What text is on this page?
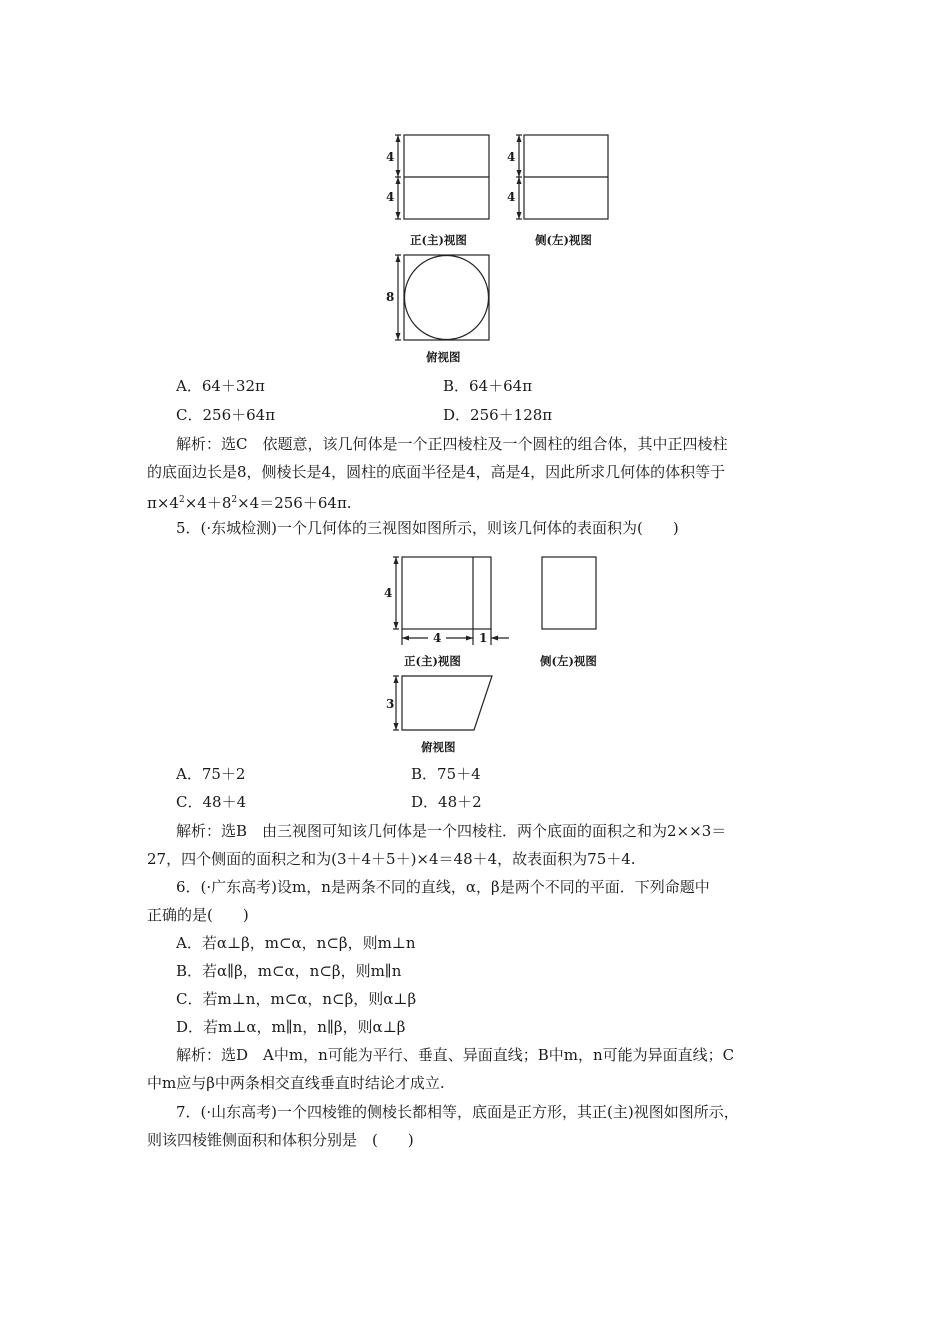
4
4
4
4
8
正(主)视图	侧(左)视图
俯视图
A．64＋32π	B．64＋64π
C．256＋64π	D．256＋128π
解析：选C　依题意，该几何体是一个正四棱柱及一个圆柱的组合体，其中正四棱柱
的底面边长是8，侧棱长是4，圆柱的底面半径是4，高是4，因此所求几何体的体积等于
$\pi\times 4^2\times 4+8^2\times 4=256+64\pi$.
5．(·东城检测)一个几何体的三视图如图所示，则该几何体的表面积为(　　)
4
4	1
3
正(主)视图	侧(左)视图
俯视图
A．75＋2	B．75＋4
C．48＋4	D．48＋2
解析：选B　由三视图可知该几何体是一个四棱柱．两个底面的面积之和为2××3＝
27，四个侧面的面积之和为(3＋4＋5＋)×4＝48＋4，故表面积为75＋4.
6．(·广东高考)设m，n是两条不同的直线，α，β是两个不同的平面．下列命题中
正确的是(　　)
A．若α⊥β，m⊂α，n⊂β，则m⊥n
B．若α∥β，m⊂α，n⊂β，则m∥n
C．若m⊥n，m⊂α，n⊂β，则α⊥β
D．若m⊥α，m∥n，n∥β，则α⊥β
解析：选D　A中m，n可能为平行、垂直、异面直线；B中m，n可能为异面直线；C
中m应与β中两条相交直线垂直时结论才成立.
7．(·山东高考)一个四棱锥的侧棱长都相等，底面是正方形，其正(主)视图如图所示，
则该四棱锥侧面积和体积分别是　(　　)
